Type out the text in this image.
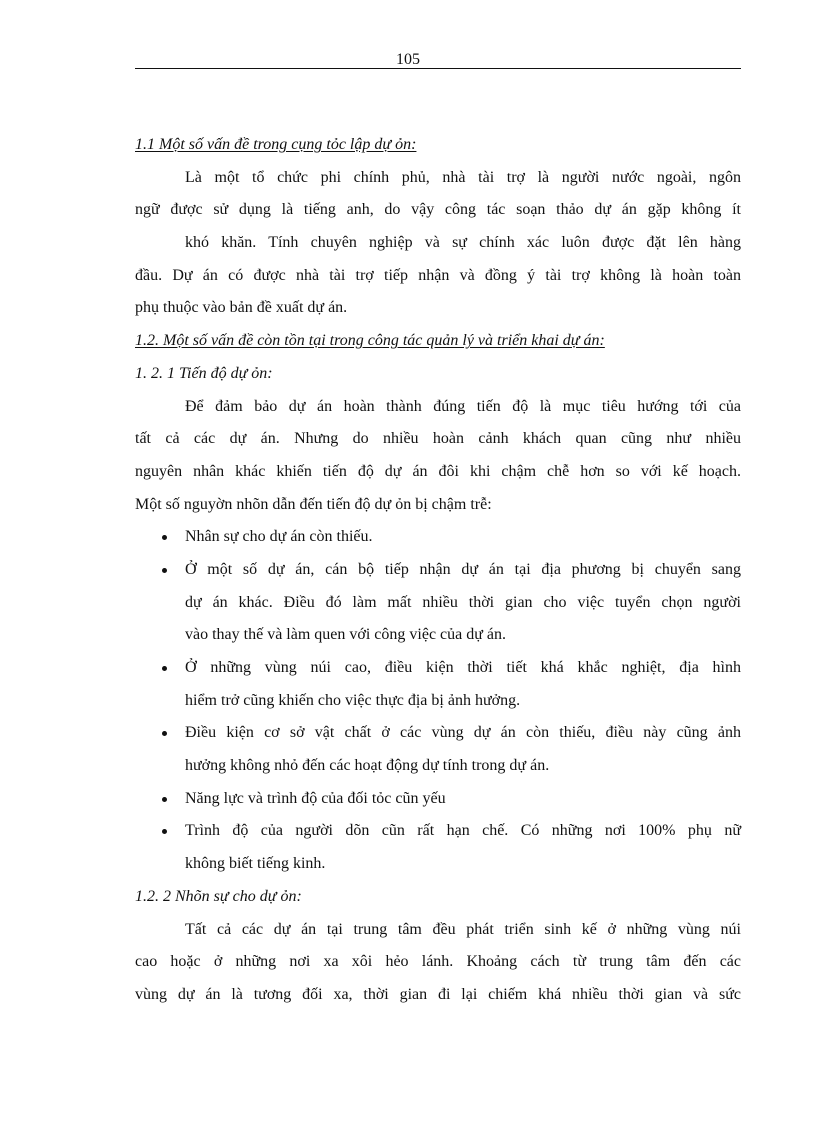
105
1.1 Một số vấn đề trong cụng tỏc lập dự ỏn:
Là một tổ chức phi chính phủ, nhà tài trợ là người nước ngoài, ngôn
ngữ được sử dụng là tiếng anh, do vậy công tác soạn thảo dự án gặp không ít
khó khăn. Tính chuyên nghiệp và sự chính xác luôn được đặt lên hàng
đầu. Dự án có được nhà tài trợ tiếp nhận và đồng ý tài trợ không là hoàn toàn
phụ thuộc vào bản đề xuất dự án.
1.2. Một số vấn đề còn tồn tại trong công tác quản lý và triển khai dự án:
1. 2. 1 Tiến độ dự ỏn:
Để đảm bảo dự án hoàn thành đúng tiến độ là mục tiêu hướng tới của
tất cả các dự án. Nhưng do nhiều hoàn cảnh khách quan cũng như nhiều
nguyên nhân khác khiến tiến độ dự án đôi khi chậm chễ hơn so với kế hoạch.
Một số nguyờn nhõn dẫn đến tiến độ dự ỏn bị chậm trễ:
Nhân sự cho dự án còn thiếu.
Ở một số dự án, cán bộ tiếp nhận dự án tại địa phương bị chuyển sang
dự án khác. Điều đó làm mất nhiều thời gian cho việc tuyển chọn người
vào thay thế và làm quen với công việc của dự án.
Ở những vùng núi cao, điều kiện thời tiết khá khắc nghiệt, địa hình
hiểm trở cũng khiến cho việc thực địa bị ảnh hưởng.
Điều kiện cơ sở vật chất ở các vùng dự án còn thiếu, điều này cũng ảnh
hưởng không nhỏ đến các hoạt động dự tính trong dự án.
Năng lực và trình độ của đối tỏc cũn yếu
Trình độ của người dõn cũn rất hạn chế. Có những nơi 100% phụ nữ
không biết tiếng kinh.
1.2. 2 Nhõn sự cho dự ỏn:
Tất cả các dự án tại trung tâm đều phát triển sinh kế ở những vùng núi
cao hoặc ở những nơi xa xôi hẻo lánh. Khoảng cách từ trung tâm đến các
vùng dự án là tương đối xa, thời gian đi lại chiếm khá nhiều thời gian và sức
